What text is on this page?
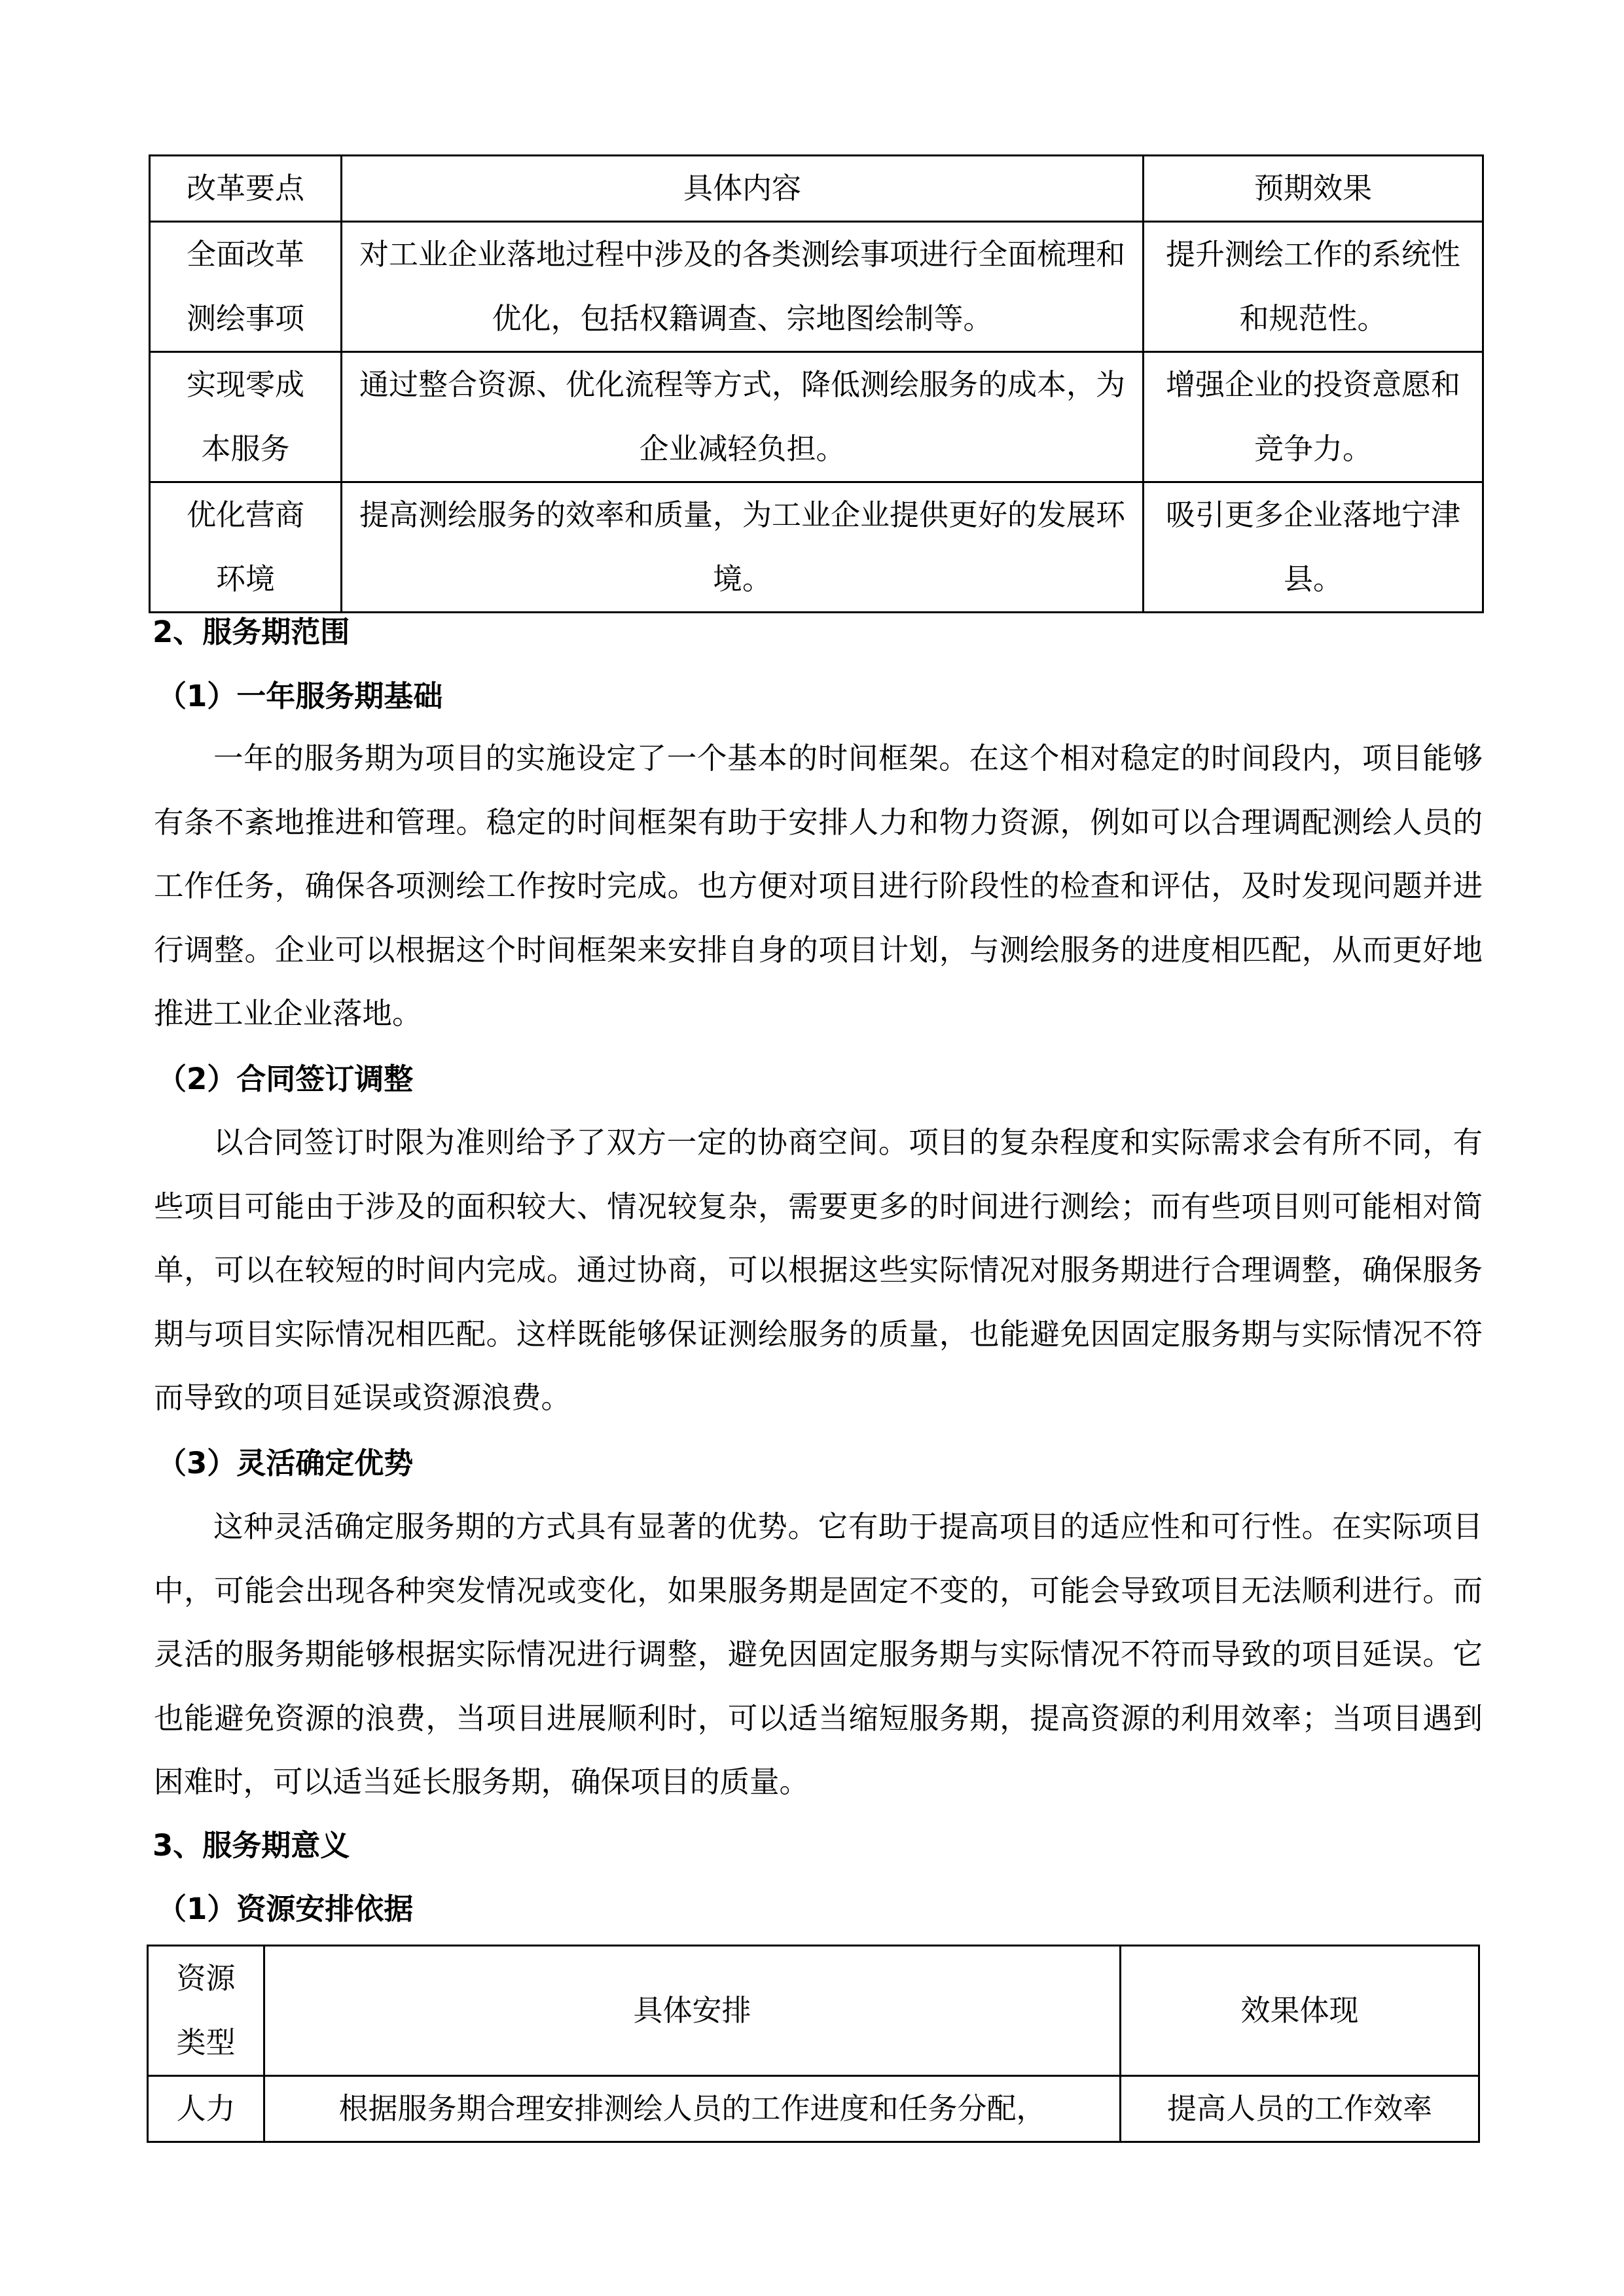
改革要点	具体内容	预期效果

全面改革测绘事项	对工业企业落地过程中涉及的各类测绘事项进行全面梳理和优化，包括权籍调查、宗地图绘制等。	提升测绘工作的系统性和规范性。

实现零成本服务	通过整合资源、优化流程等方式，降低测绘服务的成本，为企业减轻负担。	增强企业的投资意愿和竞争力。

优化营商环境	提高测绘服务的效率和质量，为工业企业提供更好的发展环境。	吸引更多企业落地宁津县。
2、服务期范围
（1）一年服务期基础

一年的服务期为项目的实施设定了一个基本的时间框架。在这个相对稳定的时间段内，项目能够有条不紊地推进和管理。稳定的时间框架有助于安排人力和物力资源，例如可以合理调配测绘人员的工作任务，确保各项测绘工作按时完成。也方便对项目进行阶段性的检查和评估，及时发现问题并进行调整。企业可以根据这个时间框架来安排自身的项目计划，与测绘服务的进度相匹配，从而更好地推进工业企业落地。

（2）合同签订调整

以合同签订时限为准则给予了双方一定的协商空间。项目的复杂程度和实际需求会有所不同，有些项目可能由于涉及的面积较大、情况较复杂，需要更多的时间进行测绘；而有些项目则可能相对简单，可以在较短的时间内完成。通过协商，可以根据这些实际情况对服务期进行合理调整，确保服务期与项目实际情况相匹配。这样既能够保证测绘服务的质量，也能避免因固定服务期与实际情况不符而导致的项目延误或资源浪费。

（3）灵活确定优势

这种灵活确定服务期的方式具有显著的优势。它有助于提高项目的适应性和可行性。在实际项目中，可能会出现各种突发情况或变化，如果服务期是固定不变的，可能会导致项目无法顺利进行。而灵活的服务期能够根据实际情况进行调整，避免因固定服务期与实际情况不符而导致的项目延误。它也能避免资源的浪费，当项目进展顺利时，可以适当缩短服务期，提高资源的利用效率；当项目遇到困难时，可以适当延长服务期，确保项目的质量。

3、服务期意义
（1）资源安排依据
资源类型	具体安排	效果体现

人力	根据服务期合理安排测绘人员的工作进度和任务分配，	提高人员的工作效率
